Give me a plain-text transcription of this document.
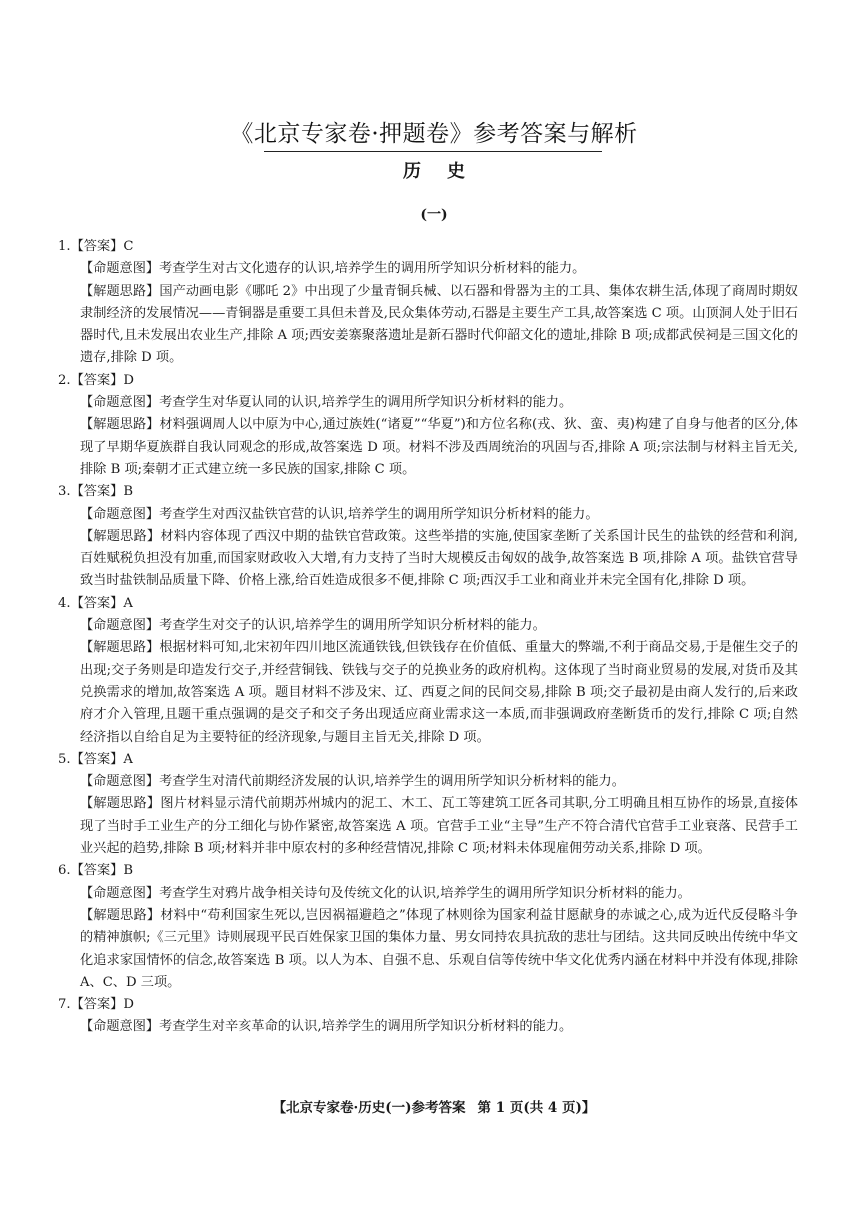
《北京专家卷·押题卷》参考答案与解析
历史
(一)

1.【答案】C

【命题意图】考查学生对古文化遗存的认识,培养学生的调用所学知识分析材料的能力。

【解题思路】国产动画电影《哪吒 2》中出现了少量青铜兵械、以石器和骨器为主的工具、集体农耕生活,体现了商周时期奴隶制经济的发展情况——青铜器是重要工具但未普及,民众集体劳动,石器是主要生产工具,故答案选 C 项。山顶洞人处于旧石器时代,且未发展出农业生产,排除 A 项;西安姜寨聚落遗址是新石器时代仰韶文化的遗址,排除 B 项;成都武侯祠是三国文化的遗存,排除 D 项。

2.【答案】D

【命题意图】考查学生对华夏认同的认识,培养学生的调用所学知识分析材料的能力。

【解题思路】材料强调周人以中原为中心,通过族姓(“诸夏”“华夏”)和方位名称(戎、狄、蛮、夷)构建了自身与他者的区分,体现了早期华夏族群自我认同观念的形成,故答案选 D 项。材料不涉及西周统治的巩固与否,排除 A 项;宗法制与材料主旨无关,排除 B 项;秦朝才正式建立统一多民族的国家,排除 C 项。

3.【答案】B

【命题意图】考查学生对西汉盐铁官营的认识,培养学生的调用所学知识分析材料的能力。

【解题思路】材料内容体现了西汉中期的盐铁官营政策。这些举措的实施,使国家垄断了关系国计民生的盐铁的经营和利润,百姓赋税负担没有加重,而国家财政收入大增,有力支持了当时大规模反击匈奴的战争,故答案选 B 项,排除 A 项。盐铁官营导致当时盐铁制品质量下降、价格上涨,给百姓造成很多不便,排除 C 项;西汉手工业和商业并未完全国有化,排除 D 项。

4.【答案】A

【命题意图】考查学生对交子的认识,培养学生的调用所学知识分析材料的能力。

【解题思路】根据材料可知,北宋初年四川地区流通铁钱,但铁钱存在价值低、重量大的弊端,不利于商品交易,于是催生交子的出现;交子务则是印造发行交子,并经营铜钱、铁钱与交子的兑换业务的政府机构。这体现了当时商业贸易的发展,对货币及其兑换需求的增加,故答案选 A 项。题目材料不涉及宋、辽、西夏之间的民间交易,排除 B 项;交子最初是由商人发行的,后来政府才介入管理,且题干重点强调的是交子和交子务出现适应商业需求这一本质,而非强调政府垄断货币的发行,排除 C 项;自然经济指以自给自足为主要特征的经济现象,与题目主旨无关,排除 D 项。

5.【答案】A

【命题意图】考查学生对清代前期经济发展的认识,培养学生的调用所学知识分析材料的能力。

【解题思路】图片材料显示清代前期苏州城内的泥工、木工、瓦工等建筑工匠各司其职,分工明确且相互协作的场景,直接体现了当时手工业生产的分工细化与协作紧密,故答案选 A 项。官营手工业“主导”生产不符合清代官营手工业衰落、民营手工业兴起的趋势,排除 B 项;材料并非中原农村的多种经营情况,排除 C 项;材料未体现雇佣劳动关系,排除 D 项。

6.【答案】B

【命题意图】考查学生对鸦片战争相关诗句及传统文化的认识,培养学生的调用所学知识分析材料的能力。

【解题思路】材料中“苟利国家生死以,岂因祸福避趋之”体现了林则徐为国家利益甘愿献身的赤诚之心,成为近代反侵略斗争的精神旗帜;《三元里》诗则展现平民百姓保家卫国的集体力量、男女同持农具抗敌的悲壮与团结。这共同反映出传统中华文化追求家国情怀的信念,故答案选 B 项。以人为本、自强不息、乐观自信等传统中华文化优秀内涵在材料中并没有体现,排除 A、C、D 三项。

7.【答案】D

【命题意图】考查学生对辛亥革命的认识,培养学生的调用所学知识分析材料的能力。

【北京专家卷·历史(一)参考答案 第 1 页(共 4 页)】
